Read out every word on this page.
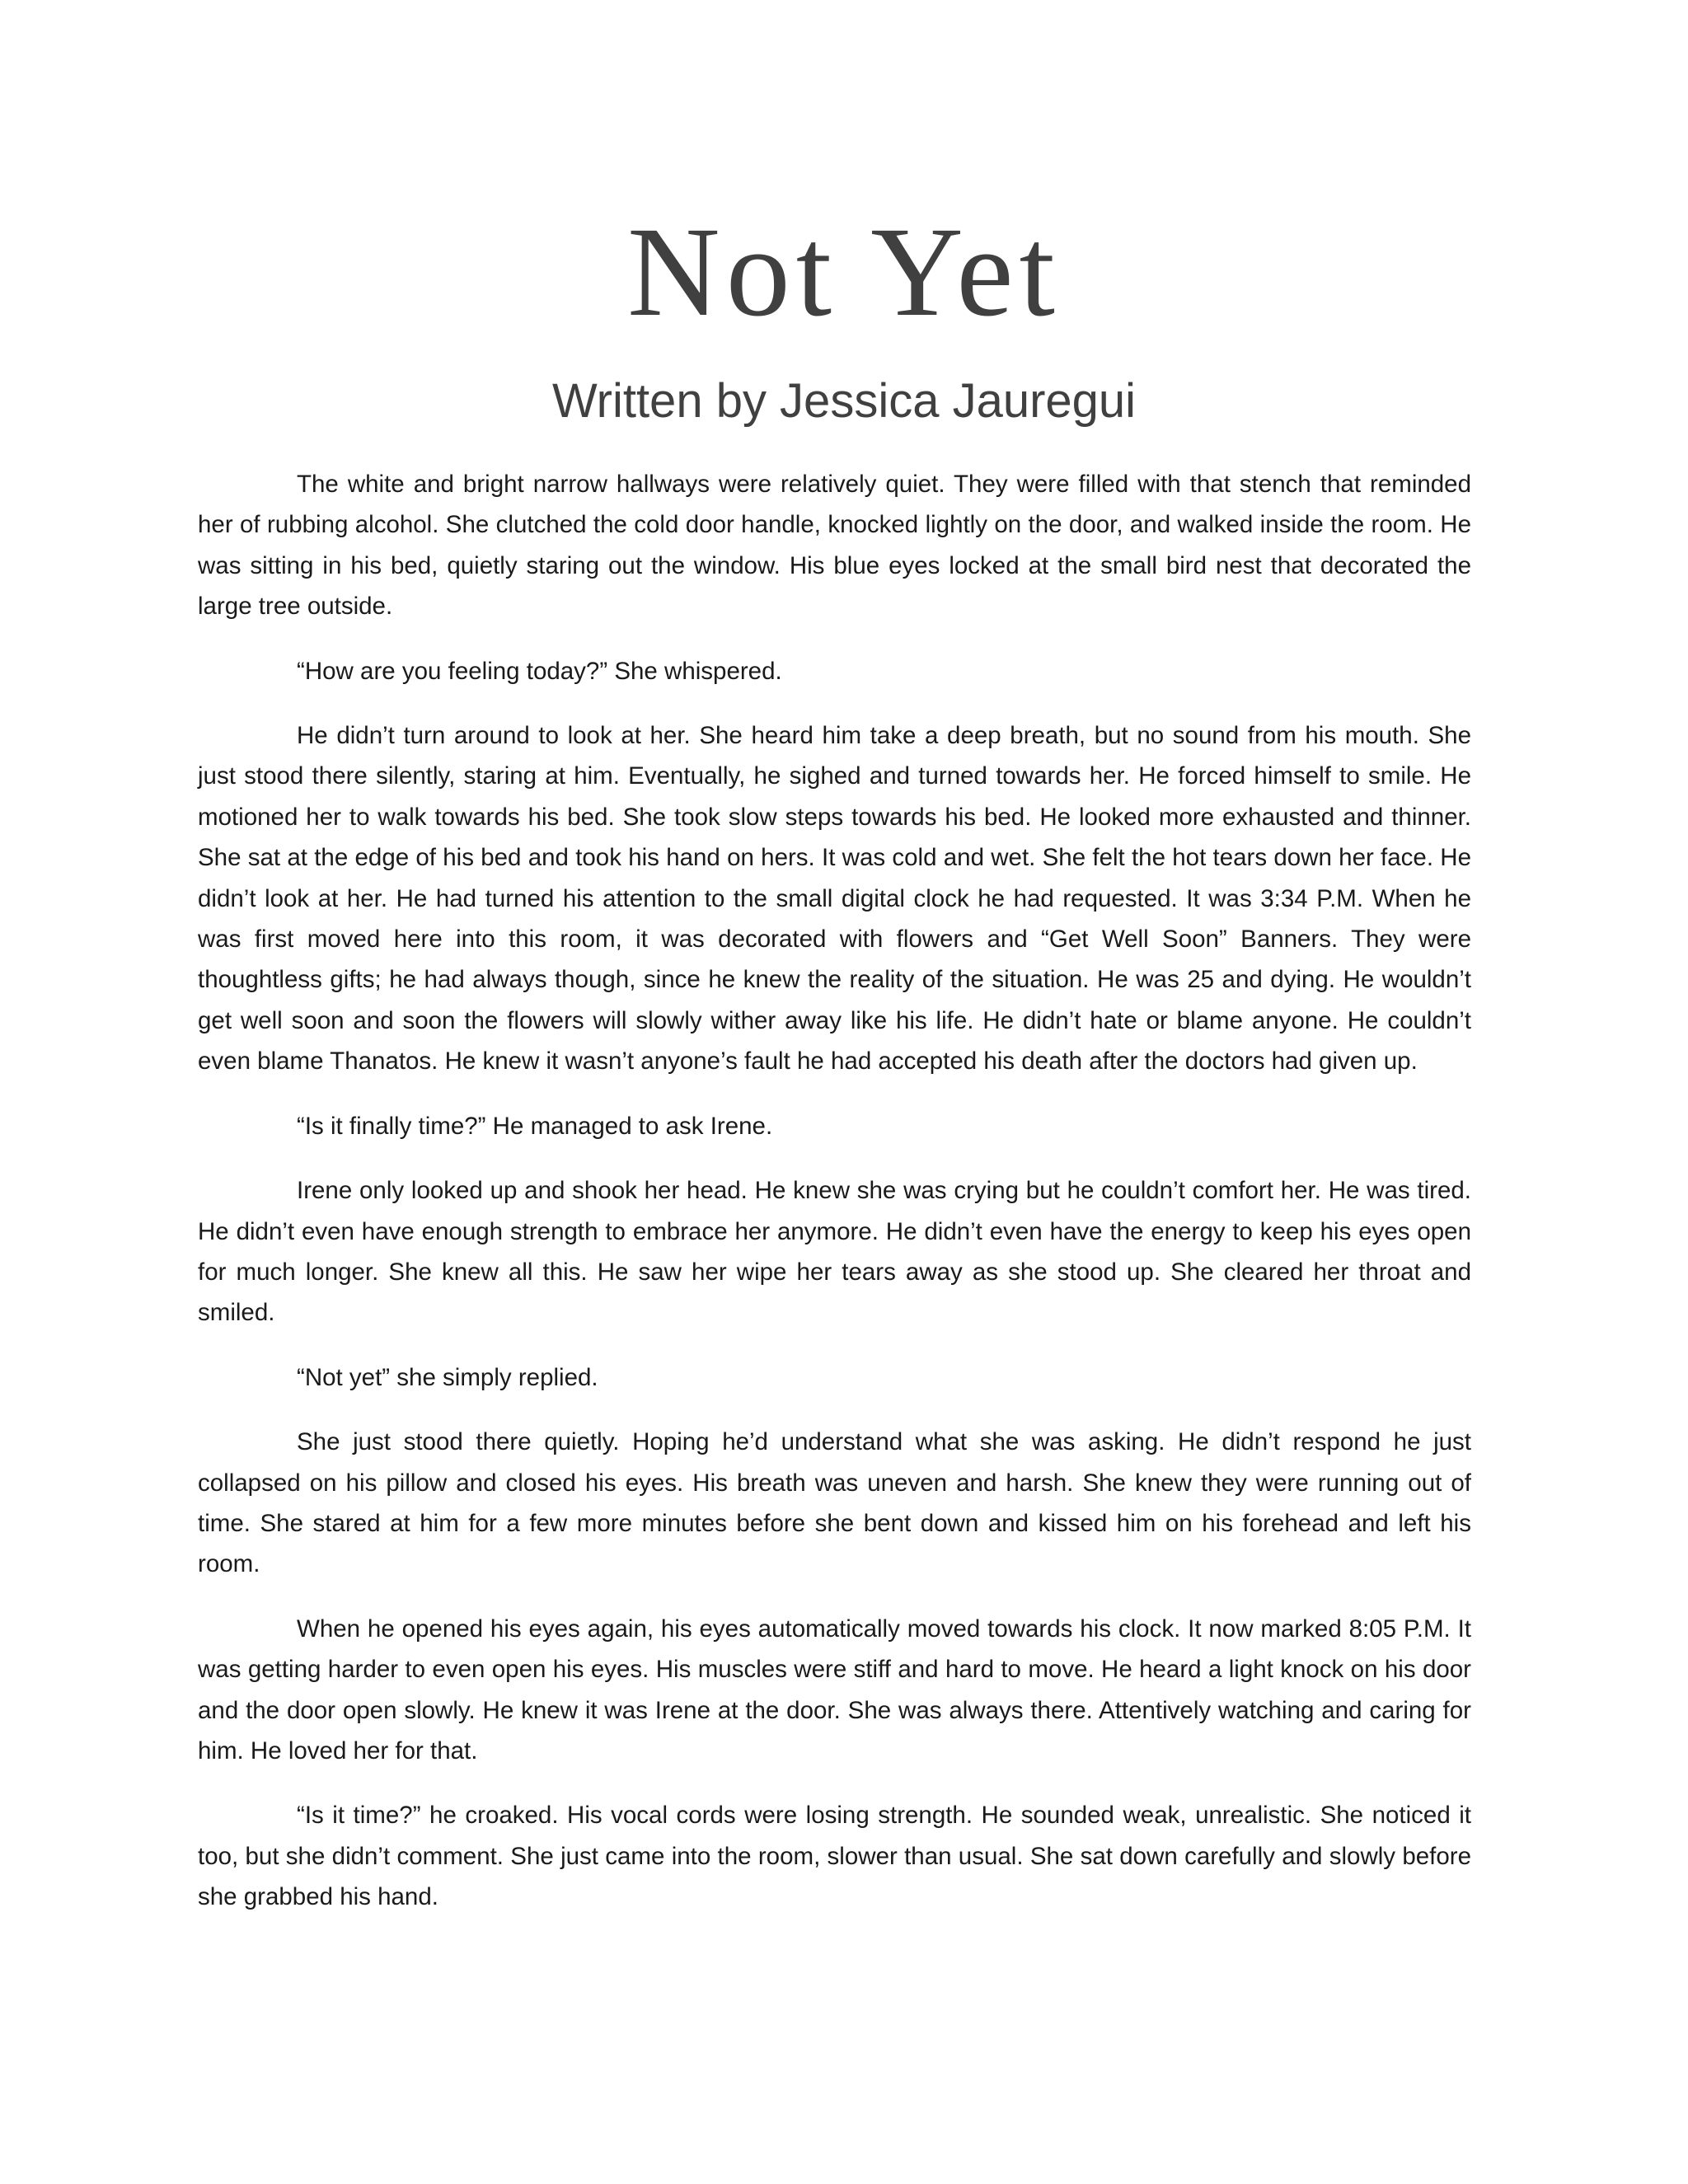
Not Yet
Written by Jessica Jauregui

The white and bright narrow hallways were relatively quiet. They were filled with that stench that reminded her of rubbing alcohol. She clutched the cold door handle, knocked lightly on the door, and walked inside the room. He was sitting in his bed, quietly staring out the window. His blue eyes locked at the small bird nest that decorated the large tree outside.

“How are you feeling today?” She whispered.

He didn’t turn around to look at her. She heard him take a deep breath, but no sound from his mouth. She just stood there silently, staring at him. Eventually, he sighed and turned towards her. He forced himself to smile. He motioned her to walk towards his bed. She took slow steps towards his bed. He looked more exhausted and thinner. She sat at the edge of his bed and took his hand on hers. It was cold and wet. She felt the hot tears down her face. He didn’t look at her. He had turned his attention to the small digital clock he had requested. It was 3:34 P.M. When he was first moved here into this room, it was decorated with flowers and “Get Well Soon” Banners. They were thoughtless gifts; he had always though, since he knew the reality of the situation. He was 25 and dying. He wouldn’t get well soon and soon the flowers will slowly wither away like his life. He didn’t hate or blame anyone. He couldn’t even blame Thanatos. He knew it wasn’t anyone’s fault he had accepted his death after the doctors had given up.

“Is it finally time?” He managed to ask Irene.

Irene only looked up and shook her head. He knew she was crying but he couldn’t comfort her. He was tired. He didn’t even have enough strength to embrace her anymore. He didn’t even have the energy to keep his eyes open for much longer. She knew all this. He saw her wipe her tears away as she stood up. She cleared her throat and smiled.

“Not yet” she simply replied.

She just stood there quietly. Hoping he’d understand what she was asking. He didn’t respond he just collapsed on his pillow and closed his eyes. His breath was uneven and harsh. She knew they were running out of time. She stared at him for a few more minutes before she bent down and kissed him on his forehead and left his room.

When he opened his eyes again, his eyes automatically moved towards his clock. It now marked 8:05 P.M. It was getting harder to even open his eyes. His muscles were stiff and hard to move. He heard a light knock on his door and the door open slowly. He knew it was Irene at the door. She was always there. Attentively watching and caring for him. He loved her for that.

“Is it time?” he croaked. His vocal cords were losing strength. He sounded weak, unrealistic. She noticed it too, but she didn’t comment. She just came into the room, slower than usual. She sat down carefully and slowly before she grabbed his hand.
